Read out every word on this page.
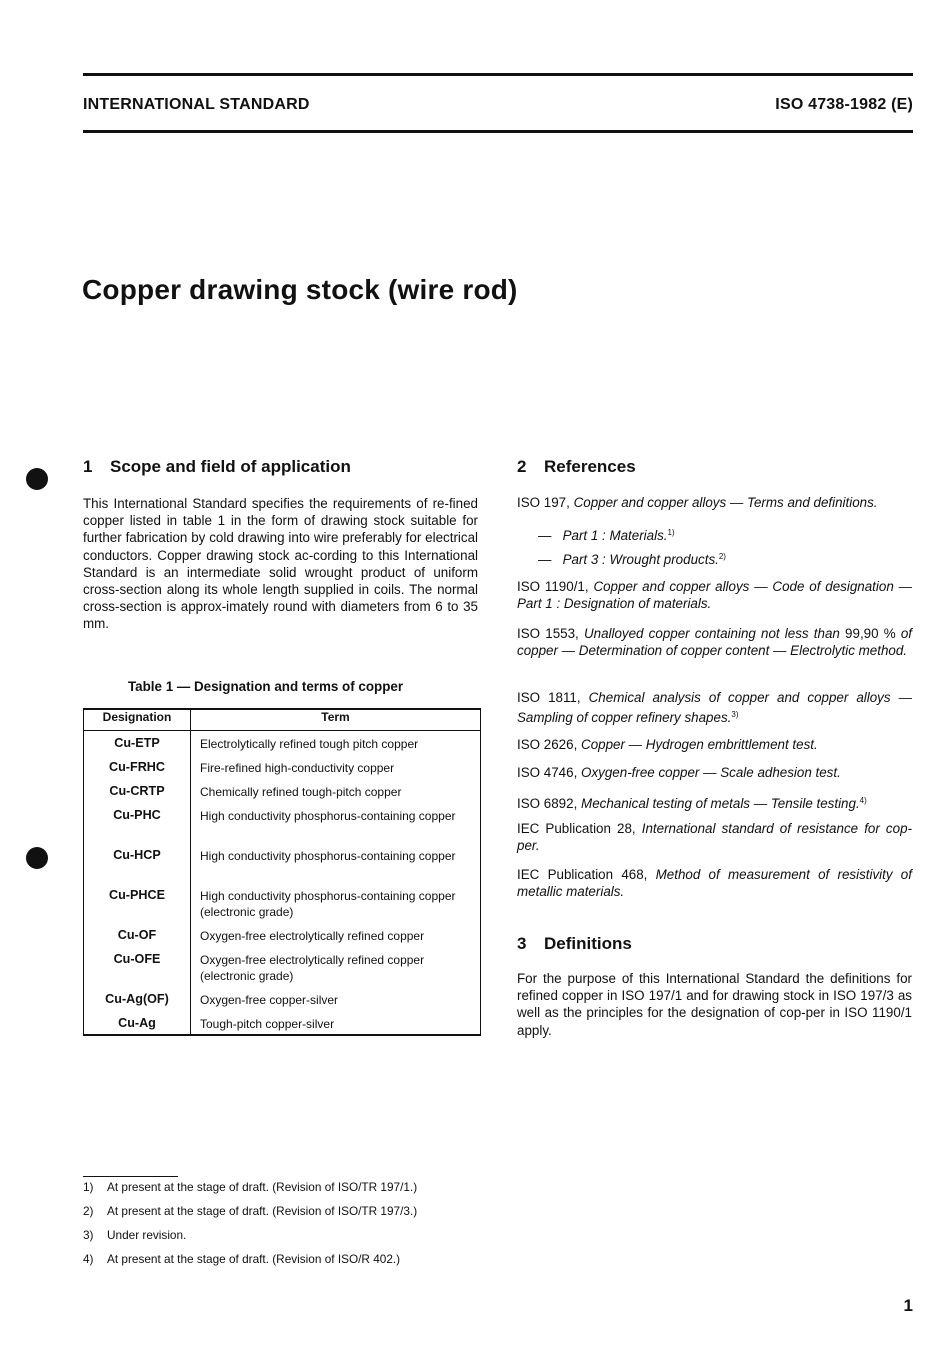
INTERNATIONAL STANDARD	ISO 4738-1982 (E)
Copper drawing stock (wire rod)
1 Scope and field of application
This International Standard specifies the requirements of re-fined copper listed in table 1 in the form of drawing stock suitable for further fabrication by cold drawing into wire preferably for electrical conductors. Copper drawing stock ac-cording to this International Standard is an intermediate solid wrought product of uniform cross-section along its whole length supplied in coils. The normal cross-section is approx-imately round with diameters from 6 to 35 mm.
Table 1 — Designation and terms of copper
Designation	Term
Cu-ETP	Electrolytically refined tough pitch copper
Cu-FRHC	Fire-refined high-conductivity copper
Cu-CRTP	Chemically refined tough-pitch copper
Cu-PHC	High conductivity phosphorus-containing copper
Cu-HCP	High conductivity phosphorus-containing copper
Cu-PHCE	High conductivity phosphorus-containing copper (electronic grade)
Cu-OF	Oxygen-free electrolytically refined copper
Cu-OFE	Oxygen-free electrolytically refined copper (electronic grade)
Cu-Ag(OF)	Oxygen-free copper-silver
Cu-Ag	Tough-pitch copper-silver
2 References
ISO 197, Copper and copper alloys — Terms and definitions.
— Part 1 : Materials.$^{1)}$
— Part 3 : Wrought products.$^{2)}$
ISO 1190/1, Copper and copper alloys — Code of designation — Part 1 : Designation of materials.
ISO 1553, Unalloyed copper containing not less than 99,90 % of copper — Determination of copper content — Electrolytic method.
ISO 1811, Chemical analysis of copper and copper alloys — Sampling of copper refinery shapes.$^{3)}$
ISO 2626, Copper — Hydrogen embrittlement test.
ISO 4746, Oxygen-free copper — Scale adhesion test.
ISO 6892, Mechanical testing of metals — Tensile testing.$^{4)}$
IEC Publication 28, International standard of resistance for cop-per.
IEC Publication 468, Method of measurement of resistivity of metallic materials.
3 Definitions
For the purpose of this International Standard the definitions for refined copper in ISO 197/1 and for drawing stock in ISO 197/3 as well as the principles for the designation of cop-per in ISO 1190/1 apply.
1) At present at the stage of draft. (Revision of ISO/TR 197/1.)
2) At present at the stage of draft. (Revision of ISO/TR 197/3.)
3) Under revision.
4) At present at the stage of draft. (Revision of ISO/R 402.)
1
